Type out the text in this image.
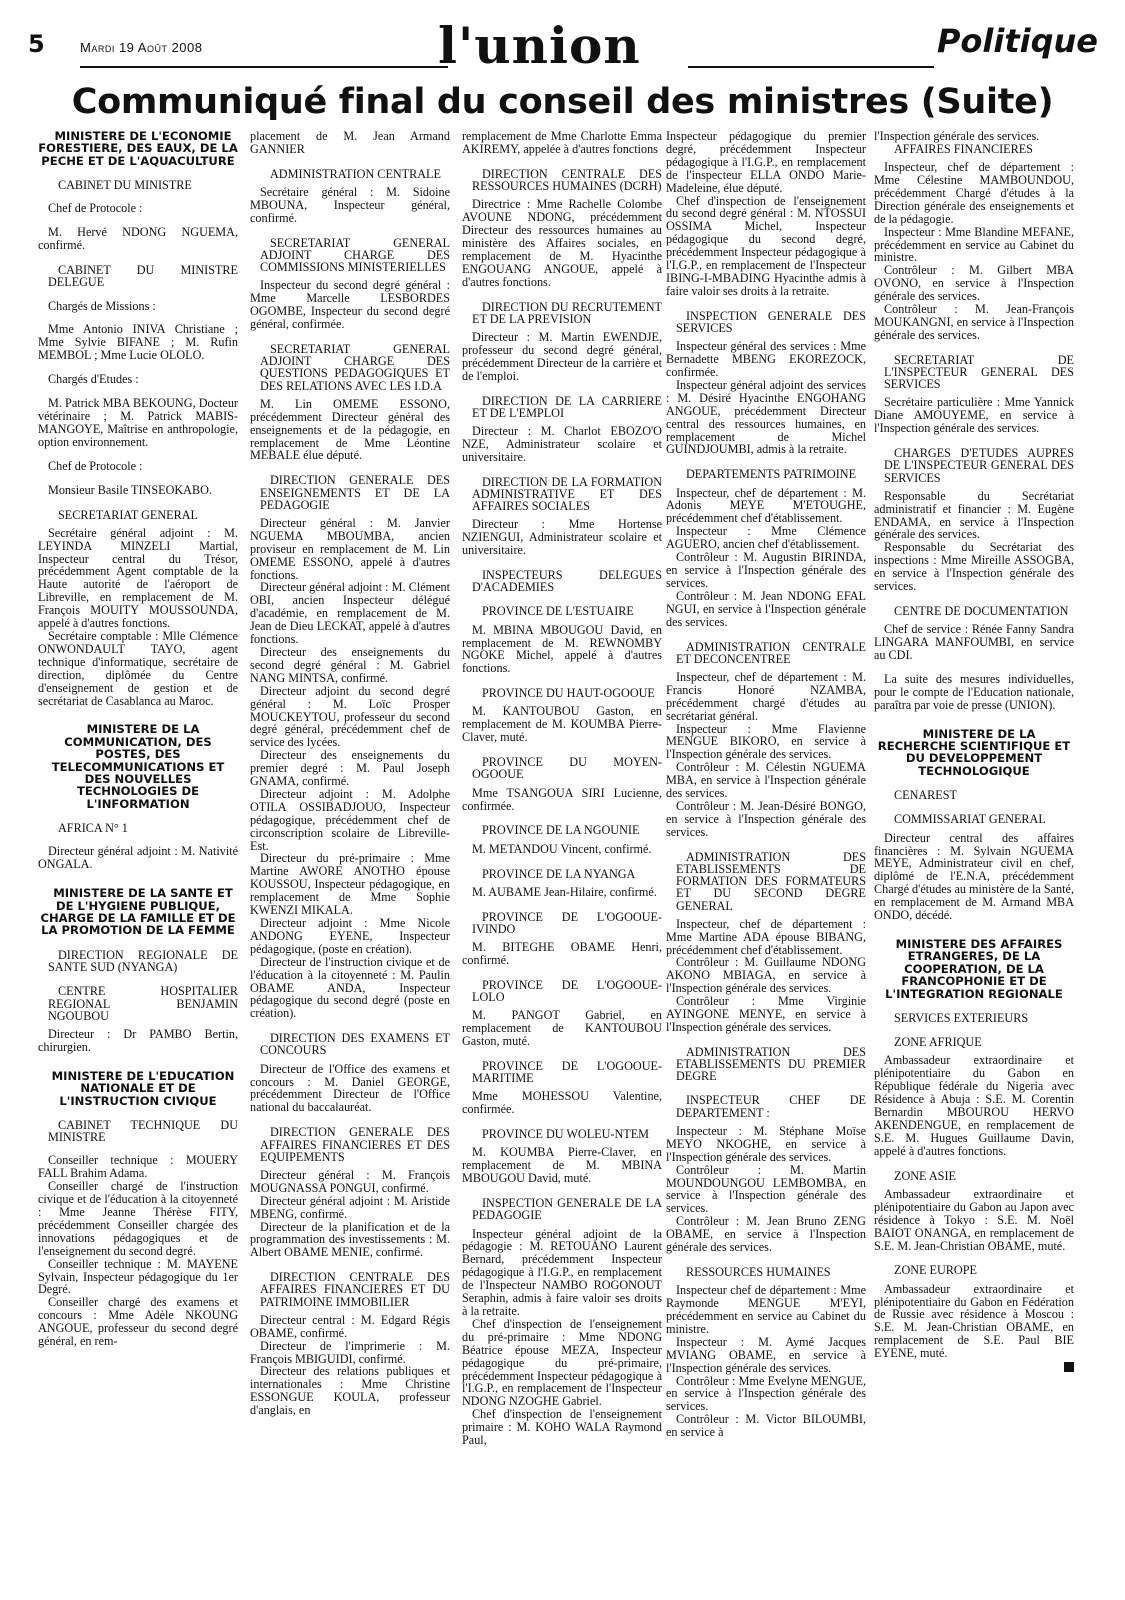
5	Mardi 19 Août 2008	l'union	Politique
Communiqué final du conseil des ministres (Suite)

MINISTERE DE L'ECONOMIE FORESTIERE, DES EAUX, DE LA PECHE ET DE L'AQUACULTURE

CABINET DU MINISTRE

Chef de Protocole :

M. Hervé NDONG NGUEMA, confirmé.

CABINET DU MINISTRE DELEGUE

Chargés de Missions :

Mme Antonio INIVA Christiane ; Mme Sylvie BIFANE ; M. Rufin MEMBOL ; Mme Lucie OLOLO.

Chargés d'Etudes :

M. Patrick MBA BEKOUNG, Docteur vétérinaire ; M. Patrick MABIS-MANGOYE, Maîtrise en anthropologie, option environnement.

Chef de Protocole :

Monsieur Basile TINSEOKABO.

SECRETARIAT GENERAL

Secrétaire général adjoint : M. LEYINDA MINZELI Martial, Inspecteur central du Trésor, précédemment Agent comptable de la Haute autorité de l'aéroport de Libreville, en remplacement de M. François MOUITY MOUSSOUNDA, appelé à d'autres fonctions.

Secrétaire comptable : Mlle Clémence ONWONDAULT TAYO, agent technique d'informatique, secrétaire de direction, diplômée du Centre d'enseignement de gestion et de secrétariat de Casablanca au Maroc.

MINISTERE DE LA COMMUNICATION, DES POSTES, DES TELECOMMUNICATIONS ET DES NOUVELLES TECHNOLOGIES DE L'INFORMATION

AFRICA N° 1

Directeur général adjoint : M. Nativité ONGALA.

MINISTERE DE LA SANTE ET DE L'HYGIENE PUBLIQUE, CHARGE DE LA FAMILLE ET DE LA PROMOTION DE LA FEMME

DIRECTION REGIONALE DE SANTE SUD (NYANGA)

CENTRE HOSPITALIER REGIONAL BENJAMIN NGOUBOU

Directeur : Dr PAMBO Bertin, chirurgien.

MINISTERE DE L'EDUCATION NATIONALE ET DE L'INSTRUCTION CIVIQUE

CABINET TECHNIQUE DU MINISTRE

Conseiller technique : MOUERY FALL Brahim Adama.

Conseiller chargé de l'instruction civique et de l'éducation à la citoyenneté : Mme Jeanne Thérèse FITY, précédemment Conseiller chargée des innovations pédagogiques et de l'enseignement du second degré.

Conseiller technique : M. MAYENE Sylvain, Inspecteur pédagogique du 1er Degré.

Conseiller chargé des examens et concours : Mme Adèle NKOUNG ANGOUE, professeur du second degré général, en rem-

placement de M. Jean Armand GANNIER

ADMINISTRATION CENTRALE

Secrétaire général : M. Sidoine MBOUNA, Inspecteur général, confirmé.

SECRETARIAT GENERAL ADJOINT CHARGE DES COMMISSIONS MINISTERIELLES

Inspecteur du second degré général : Mme Marcelle LESBORDES OGOMBE, Inspecteur du second degré général, confirmée.

SECRETARIAT GENERAL ADJOINT CHARGE DES QUESTIONS PEDAGOGIQUES ET DES RELATIONS AVEC LES I.D.A

M. Lin OMEME ESSONO, précédemment Directeur général des enseignements et de la pédagogie, en remplacement de Mme Léontine MEBALE élue député.

DIRECTION GENERALE DES ENSEIGNEMENTS ET DE LA PEDAGOGIE

Directeur général : M. Janvier NGUEMA MBOUMBA, ancien proviseur en remplacement de M. Lin OMEME ESSONO, appelé à d'autres fonctions.

Directeur général adjoint : M. Clément OBI, ancien Inspecteur délégué d'académie, en remplacement de M. Jean de Dieu LECKAT, appelé à d'autres fonctions.

Directeur des enseignements du second degré général : M. Gabriel NANG MINTSA, confirmé.

Directeur adjoint du second degré général : M. Loïc Prosper MOUCKEYTOU, professeur du second degré général, précédemment chef de service des lycées.

Directeur des enseignements du premier degré : M. Paul Joseph GNAMA, confirmé.

Directeur adjoint : M. Adolphe OTILA OSSIBADJOUO, Inspecteur pédagogique, précédemment chef de circonscription scolaire de Libreville-Est.

Directeur du pré-primaire : Mme Martine AWORE ANOTHO épouse KOUSSOU, Inspecteur pédagogique, en remplacement de Mme Sophie KWENZI MIKALA.

Directeur adjoint : Mme Nicole ANDONG EYENE, Inspecteur pédagogique, (poste en création).

Directeur de l'instruction civique et de l'éducation à la citoyenneté : M. Paulin OBAME ANDA, Inspecteur pédagogique du second degré (poste en création).

DIRECTION DES EXAMENS ET CONCOURS

Directeur de l'Office des examens et concours : M. Daniel GEORGE, précédemment Directeur de l'Office national du baccalauréat.

DIRECTION GENERALE DES AFFAIRES FINANCIERES ET DES EQUIPEMENTS

Directeur général : M. François MOUGNASSA PONGUI, confirmé.

Directeur général adjoint : M. Aristide MBENG, confirmé.

Directeur de la planification et de la programmation des investissements : M. Albert OBAME MENIE, confirmé.

DIRECTION CENTRALE DES AFFAIRES FINANCIERES ET DU PATRIMOINE IMMOBILIER

Directeur central : M. Edgard Régis OBAME, confirmé.

Directeur de l'imprimerie : M. François MBIGUIDI, confirmé.

Directeur des relations publiques et internationales : Mme Christine ESSONGUE KOULA, professeur d'anglais, en

remplacement de Mme Charlotte Emma AKIREMY, appelée à d'autres fonctions

DIRECTION CENTRALE DES RESSOURCES HUMAINES (DCRH)

Directrice : Mme Rachelle Colombe AVOUNE NDONG, précédemment Directeur des ressources humaines au ministère des Affaires sociales, en remplacement de M. Hyacinthe ENGOUANG ANGOUE, appelé à d'autres fonctions.

DIRECTION DU RECRUTEMENT ET DE LA PREVISION

Directeur : M. Martin EWENDJE, professeur du second degré général, précédemment Directeur de la carrière et de l'emploi.

DIRECTION DE LA CARRIERE ET DE L'EMPLOI

Directeur : M. Charlot EBOZO'O NZE, Administrateur scolaire et universitaire.

DIRECTION DE LA FORMATION ADMINISTRATIVE ET DES AFFAIRES SOCIALES

Directeur : Mme Hortense NZIENGUI, Administrateur scolaire et universitaire.

INSPECTEURS DELEGUES D'ACADEMIES

PROVINCE DE L'ESTUAIRE

M. MBINA MBOUGOU David, en remplacement de M. REWNOMBY NGOKE Michel, appelé à d'autres fonctions.

PROVINCE DU HAUT-OGOOUE

M. KANTOUBOU Gaston, en remplacement de M. KOUMBA Pierre-Claver, muté.

PROVINCE DU MOYEN-OGOOUE

Mme TSANGOUA SIRI Lucienne, confirmée.

PROVINCE DE LA NGOUNIE

M. METANDOU Vincent, confirmé.

PROVINCE DE LA NYANGA

M. AUBAME Jean-Hilaire, confirmé.

PROVINCE DE L'OGOOUE-IVINDO

M. BITEGHE OBAME Henri, confirmé.

PROVINCE DE L'OGOOUE-LOLO

M. PANGOT Gabriel, en remplacement de KANTOUBOU Gaston, muté.

PROVINCE DE L'OGOOUE-MARITIME

Mme MOHESSOU Valentine, confirmée.

PROVINCE DU WOLEU-NTEM

M. KOUMBA Pierre-Claver, en remplacement de M. MBINA MBOUGOU David, muté.

INSPECTION GENERALE DE LA PEDAGOGIE

Inspecteur général adjoint de la pédagogie : M. RETOUANO Laurent Bernard, précédemment Inspecteur pédagogique à l'I.G.P., en remplacement de l'Inspecteur NAMBO ROGONOUT Seraphin, admis à faire valoir ses droits à la retraite.

Chef d'inspection de l'enseignement du pré-primaire : Mme NDONG Béatrice épouse MEZA, Inspecteur pédagogique du pré-primaire, précédemment Inspecteur pédagogique à l'I.G.P., en remplacement de l'Inspecteur NDONG NZOGHE Gabriel.

Chef d'inspection de l'enseignement primaire : M. KOHO WALA Raymond Paul,

Inspecteur pédagogique du premier degré, précédemment Inspecteur pédagogique à l'I.G.P., en remplacement de l'inspecteur ELLA ONDO Marie-Madeleine, élue député.

Chef d'inspection de l'enseignement du second degré général : M. NTOSSUI OSSIMA Michel, Inspecteur pédagogique du second degré, précédemment Inspecteur pédagogique à l'I.G.P., en remplacement de l'Inspecteur IBING-I-MBADING Hyacinthe admis à faire valoir ses droits à la retraite.

INSPECTION GENERALE DES SERVICES

Inspecteur général des services : Mme Bernadette MBENG EKOREZOCK, confirmée.

Inspecteur général adjoint des services : M. Désiré Hyacinthe ENGOHANG ANGOUE, précédemment Directeur central des ressources humaines, en remplacement de Michel GUINDJOUMBI, admis à la retraite.

DEPARTEMENTS PATRIMOINE

Inspecteur, chef de département : M. Adonis MEYE M'ETOUGHE, précédemment chef d'établissement.

Inspecteur : Mme Clémence AGUERO, ancien chef d'établissement.

Contrôleur : M. Augustin BIRINDA, en service à l'Inspection générale des services.

Contrôleur : M. Jean NDONG EFAL NGUI, en service à l'Inspection générale des services.

ADMINISTRATION CENTRALE ET DECONCENTREE

Inspecteur, chef de département : M. Francis Honoré NZAMBA, précédemment chargé d'études au secrétariat général.

Inspecteur : Mme Flavienne MENGUE BIKORO, en service à l'Inspection générale des services.

Contrôleur : M. Célestin NGUEMA MBA, en service à l'Inspection générale des services.

Contrôleur : M. Jean-Désiré BONGO, en service à l'Inspection générale des services.

ADMINISTRATION DES ETABLISSEMENTS DE FORMATION DES FORMATEURS ET DU SECOND DEGRE GENERAL

Inspecteur, chef de département : Mme Martine ADA épouse BIBANG, précédemment chef d'établissement.

Contrôleur : M. Guillaume NDONG AKONO MBIAGA, en service à l'Inspection générale des services.

Contrôleur : Mme Virginie AYINGONE MENYE, en service à l'Inspection générale des services.

ADMINISTRATION DES ETABLISSEMENTS DU PREMIER DEGRE

INSPECTEUR CHEF DE DEPARTEMENT :

Inspecteur : M. Stéphane Moïse MEYO NKOGHE, en service à l'Inspection générale des services.

Contrôleur : M. Martin MOUNDOUNGOU LEMBOMBA, en service à l'Inspection générale des services.

Contrôleur : M. Jean Bruno ZENG OBAME, en service à l'Inspection générale des services.

RESSOURCES HUMAINES

Inspecteur chef de département : Mme Raymonde MENGUE M'EYI, précédemment en service au Cabinet du ministre.

Inspecteur : M. Aymé Jacques MVIANG OBAME, en service à l'Inspection générale des services.

Contrôleur : Mme Evelyne MENGUE, en service à l'Inspection générale des services.

Contrôleur : M. Victor BILOUMBI, en service à

l'Inspection générale des services.

AFFAIRES FINANCIERES

Inspecteur, chef de département : Mme Célestine MAMBOUNDOU, précédemment Chargé d'études à la Direction générale des enseignements et de la pédagogie.

Inspecteur : Mme Blandine MEFANE, précédemment en service au Cabinet du ministre.

Contrôleur : M. Gilbert MBA OVONO, en service à l'Inspection générale des services.

Contrôleur : M. Jean-François MOUKANGNI, en service à l'Inspection générale des services.

SECRETARIAT DE L'INSPECTEUR GENERAL DES SERVICES

Secrétaire particulière : Mme Yannick Diane AMOUYEME, en service à l'Inspection générale des services.

CHARGES D'ETUDES AUPRES DE L'INSPECTEUR GENERAL DES SERVICES

Responsable du Secrétariat administratif et financier : M. Eugène ENDAMA, en service à l'Inspection générale des services.

Responsable du Secrétariat des inspections : Mme Mireille ASSOGBA, en service à l'Inspection générale des services.

CENTRE DE DOCUMENTATION

Chef de service : Rénée Fanny Sandra LINGARA MANFOUMBI, en service au CDI.

La suite des mesures individuelles, pour le compte de l'Education nationale, paraîtra par voie de presse (UNION).

MINISTERE DE LA RECHERCHE SCIENTIFIQUE ET DU DEVELOPPEMENT TECHNOLOGIQUE

CENAREST

COMMISSARIAT GENERAL

Directeur central des affaires financières : M. Sylvain NGUEMA MEYE, Administrateur civil en chef, diplômé de l'E.N.A, précédemment Chargé d'études au ministère de la Santé, en remplacement de M. Armand MBA ONDO, décédé.

MINISTERE DES AFFAIRES ETRANGERES, DE LA COOPERATION, DE LA FRANCOPHONIE ET DE L'INTEGRATION REGIONALE

SERVICES EXTERIEURS

ZONE AFRIQUE

Ambassadeur extraordinaire et plénipotentiaire du Gabon en République fédérale du Nigeria avec Résidence à Abuja : S.E. M. Corentin Bernardin MBOUROU HERVO AKENDENGUE, en remplacement de S.E. M. Hugues Guillaume Davin, appelé à d'autres fonctions.

ZONE ASIE

Ambassadeur extraordinaire et plénipotentiaire du Gabon au Japon avec résidence à Tokyo : S.E. M. Noël BAIOT ONANGA, en remplacement de S.E. M. Jean-Christian OBAME, muté.

ZONE EUROPE

Ambassadeur extraordinaire et plénipotentiaire du Gabon en Fédération de Russie avec résidence à Moscou : S.E. M. Jean-Christian OBAME, en remplacement de S.E. Paul BIE EYENE, muté.
